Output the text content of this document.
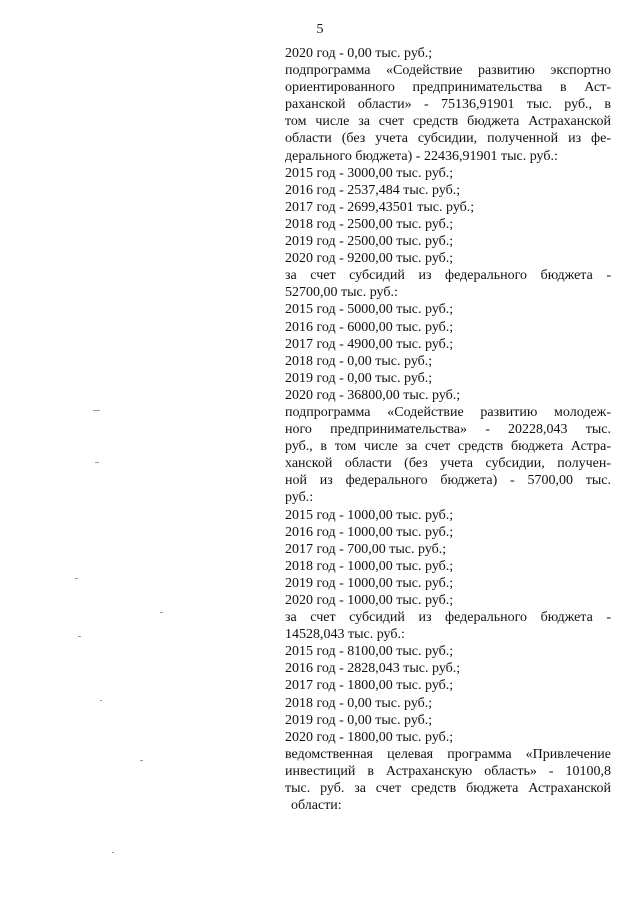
5
2020 год - 0,00 тыс. руб.;
подпрограмма «Содействие развитию экспортно
ориентированного предпринимательства в Аст-
раханской области» - 75136,91901 тыс. руб., в
том числе за счет средств бюджета Астраханской
области (без учета субсидии, полученной из фе-
дерального бюджета) - 22436,91901 тыс. руб.:
2015 год - 3000,00 тыс. руб.;
2016 год - 2537,484 тыс. руб.;
2017 год - 2699,43501 тыс. руб.;
2018 год - 2500,00 тыс. руб.;
2019 год - 2500,00 тыс. руб.;
2020 год - 9200,00 тыс. руб.;
за счет субсидий из федерального бюджета -
52700,00 тыс. руб.:
2015 год - 5000,00 тыс. руб.;
2016 год - 6000,00 тыс. руб.;
2017 год - 4900,00 тыс. руб.;
2018 год - 0,00 тыс. руб.;
2019 год - 0,00 тыс. руб.;
2020 год - 36800,00 тыс. руб.;
подпрограмма «Содействие развитию молодеж-
ного предпринимательства» - 20228,043 тыс.
руб., в том числе за счет средств бюджета Астра-
ханской области (без учета субсидии, получен-
ной из федерального бюджета) - 5700,00 тыс.
руб.:
2015 год - 1000,00 тыс. руб.;
2016 год - 1000,00 тыс. руб.;
2017 год - 700,00 тыс. руб.;
2018 год - 1000,00 тыс. руб.;
2019 год - 1000,00 тыс. руб.;
2020 год - 1000,00 тыс. руб.;
за счет субсидий из федерального бюджета -
14528,043 тыс. руб.:
2015 год - 8100,00 тыс. руб.;
2016 год - 2828,043 тыс. руб.;
2017 год - 1800,00 тыс. руб.;
2018 год - 0,00 тыс. руб.;
2019 год - 0,00 тыс. руб.;
2020 год - 1800,00 тыс. руб.;
ведомственная целевая программа «Привлечение
инвестиций в Астраханскую область» - 10100,8
тыс. руб. за счет средств бюджета Астраханской
области:
